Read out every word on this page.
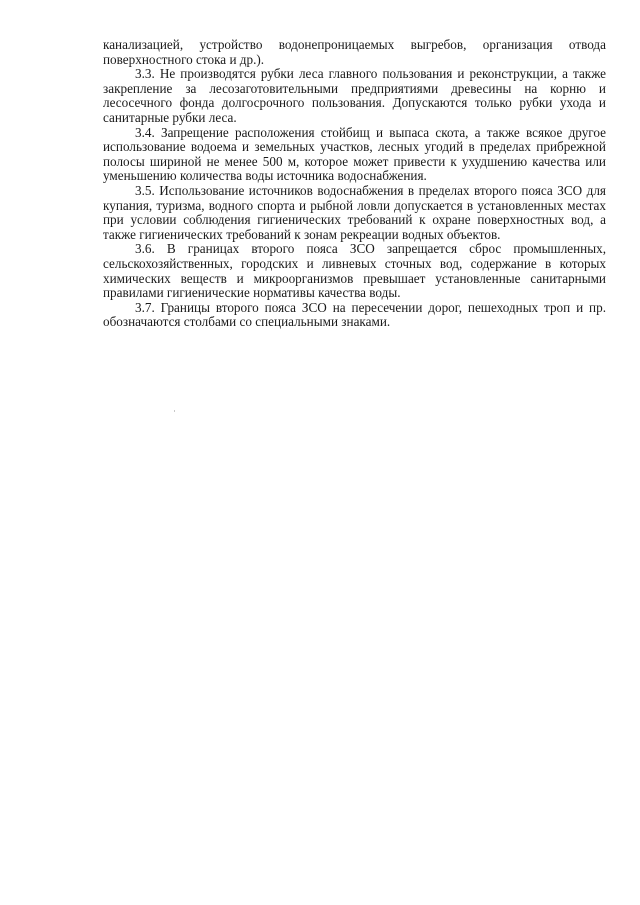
канализацией, устройство водонепроницаемых выгребов, организация отвода поверхностного стока и др.).

3.3. Не производятся рубки леса главного пользования и реконструкции, а также закрепление за лесозаготовительными предприятиями древесины на корню и лесосечного фонда долгосрочного пользования. Допускаются только рубки ухода и санитарные рубки леса.

3.4. Запрещение расположения стойбищ и выпаса скота, а также всякое другое использование водоема и земельных участков, лесных угодий в пределах прибрежной полосы шириной не менее 500 м, которое может привести к ухудшению качества или уменьшению количества воды источника водоснабжения.

3.5. Использование источников водоснабжения в пределах второго пояса ЗСО для купания, туризма, водного спорта и рыбной ловли допускается в установленных местах при условии соблюдения гигиенических требований к охране поверхностных вод, а также гигиенических требований к зонам рекреации водных объектов.

3.6. В границах второго пояса ЗСО запрещается сброс промышленных, сельскохозяйственных, городских и ливневых сточных вод, содержание в которых химических веществ и микроорганизмов превышает установленные санитарными правилами гигиенические нормативы качества воды.

3.7. Границы второго пояса ЗСО на пересечении дорог, пешеходных троп и пр. обозначаются столбами со специальными знаками.
